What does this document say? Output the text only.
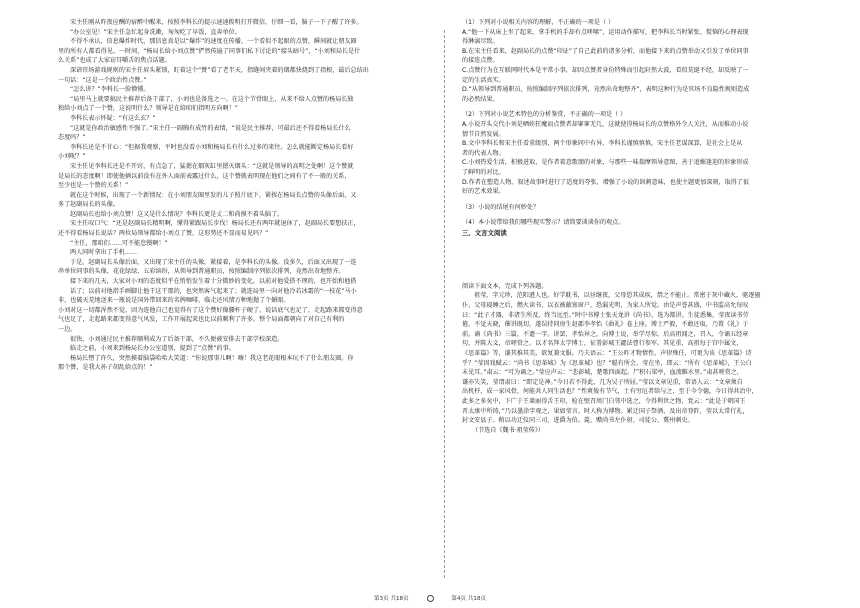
宋主任刚从昨夜应酬的宿醉中醒来，按照李科长的提示速速拨明打开微信，仔细一看，脑子一下子醒了许多。

“办公室见！”宋主任急忙起身洗漱，匆匆吃了早饭，直奔单位。

不得不承认，信息爆炸时代，那信息真是以“爆炸”的速度在传播，一个看似不起眼的点赞，瞬间就让朋友圈

里的所有人都看得见。一时间，“杨局长给小刘点赞”俨然传遍了同事们私下讨论的“接头暗号”，“小刘和局长是什

么关系”也成了大家窃耳嚼舌的焦点话题。

深谙官场游戏规则的宋主任眉头紧锁，盯着这个“赞”看了老半天，指缝间夹着的烟都快烧到了指根，最后总结出

一句话：“这是一个政治性点赞。”

“怎么讲？”李科长一脸懵懂。

“局里马上就要搞民主推荐后备干部了，小刘也是备选之一。在这个节骨眼上，从来不给人点赞的杨局长独

独给小刘点了一个赞，这说明什么？领导是在给咱们指明方向啊！”

李科长表示怀疑：“有这么玄？”

“这就是你政治敏感性不强了。”宋主任一副胸有成竹的表情，“说是民主推荐，可最后还不得看杨局长什么

态度吗？”

李科长还是不甘心：“但据我观察，平时也没看小刘和杨局长有什么过多的来往。怎么就能断定杨局长看好

小刘呢？”

宋主任见李科长还是不开窍，有点急了，猛摁在烟灰缸里摁灭烟头：“这就是领导的高明之处啊！这个赞就

是局长的态度啊！即使他俩以前没有在外人面前表露过什么，这个赞就表明现在他们之间有了不一般的关系，

至少也是一个赞的关系！”

就在这个时候，出现了一个新情况：在小刘朋友圈里发的儿子照片底下，紧挨在杨局长点赞的头像后面，又

多了赵副局长的头像。

赵副局长也给小刘点赞！这又是什么情况？李科长更是丈二和尚摸不着头脑了。

宋主任叹口气：“还是赵副局长精明啊，懂得紧跟局长步伐！杨局长还有两年就退休了，赵副局长要想扶正，

还不得看杨局长说话？两位局领导都给小刘点了赞，这形势还不显而易见吗？”

“主任，那咱们……可不能怠慢啊！”

两人同时拿出了手机……

于是，赵副局长头像后面，又出现了宋主任的头像，紧接着，是李科长的头像。没多久，后面又出现了一连

串单位同事的头像，花花绿绿，五彩缤纷，从领导到普通职员，按照编制序列依次排列，竟然出奇地整齐。

接下来的几天，大家对小刘的态度似乎在悄悄发生着十分微妙的变化。以前对他爱搭不理的，也开始和他搭

话了；以前对他指手画脚让他干这干那的，也突然客气起来了；就连局里一向对他冷若冰霜的“一枝花”马小

非，也破天荒地送来一瓶说是国外带回来的名牌咖啡，临走还风情万种地抛了个媚眼。

小刘对这一切都浑然不觉。因为连他自己也觉得有了这个赞好像腰杆子硬了，说话底气也足了，走起路来都变得意

气也足了，走起路来都变得意气风发，工作开展起来也比以前顺利了许多。整个局面都朝向了对自己有利的

一边。

很快，小刘通过民主推荐顺利成为了后备干部，不久便被安排去干部学校深造。

临走之前，小刘来到杨局长办公室道别，提到了“点赞”的事。

杨局长愣了许久，突然摸着脑袋哈哈大笑道：“你说那事儿啊！嗨！我这老花眼根本玩不了什么朋友圈。你

那个赞，是我大孙子胡乱给点的！”

（1）下列对小说相关内容的理解，不正确的一项是（ ）

A.“他一下从床上坐了起来，拿手机的手却有点哆嗦”，运用动作描写，把李科长当时紧张、慌恼的心理表现

得淋漓尽致。

B.在宋主任看来，赵副局长的点赞“印证”了自己此前的诸多分析，而他接下来的点赞举动又引发了单位同事

的接连点赞。

C.点赞行为在互联网时代本是平常小事，却因点赞者身份特殊而引起轩然大波，看似荒诞不经，却反映了一

定的生活真实。

D.“从领导到普通职员，按照编制序列依次排列，竟然出奇地整齐”，表明这种行为是官场不良隐性规则造成

的必然结果。

（2）下列对小说艺术特色的分析鉴赏，不正确的一项是（ ）

A.小说开头交代小刘是晒娃狂魔而点赞者却寥寥无几，这就使得杨局长的点赞格外令人关注，从而推动小说

情节自然发展。

B.文中李科长和宋主任看重级别，两个形象同中有异，李科长谨慎慎慎，宋主任老谋深算，是社会上是从

者的代表人物。

C.小刘热爱生活，积极进取，是作者着意歌颂的对象，与那些一味揣摩领导意图，善于追媚逢迎的形象形成

了鲜明的对比。

D.作者在塑造人物、叙述故事时进行了适度的夸张，增强了小说的讽刺意味，也使主题更加深刻，取得了很

好的艺术效果。

（3）小说的结尾有何妙处？

（4）本小说带给我们哪些现实警示？请简要谈谈你的观点。

三、文言文阅读

阅读下面文本，完成下列各题。

祖莹，字元珍，范阳遒人也。好学耽书，以昼继夜，父母恐其成疾，禁之不能止。常密于灰中藏火，驱逐僮

仆，父母寝睡之后，燃火读书，以衣被蔽塞窗户，恐漏光明，为家人所觉。由是声誉甚盛，中书监高允每叹

曰：“此子才器，非诸生所及，终当远至。”时中书博士张天龙讲《尚书》，选为都讲。生徒悉集，莹夜读书劳

倦，不觉天晓，催讲既切，遂误持同房生赵郡李孝怡《曲礼》卷上座。博士严毅，不敢还取，乃置《礼》于

前，诵《尚书》三篇，不遗一字。讲罢，孝怡异之，向博士说，举学尽惊。后高祖闻之，召入，令诵五经章

句，并陈大义，帝嗟赏之。以才名拜太学博士，征署彭城王勰法曹行参军。其见重，高祖每于宫中属文，

《思革篇》等，谦其推其美，欲复兼文服。乃夫语云：“王公昨才物情性，声律殊任，可更为该《思革篇》诗

乎？”莹因戏赋云：“尚书《思革城》为《思革城》也？”聪有所会，莹在坐，即云：“所有《思革城》，王公白

未见耳。”肃云：“可为诵之。”莹应声云：“悲彭城，楚歌四面起。尸积石梁亭，血流睢水里。”肃甚嗟赏之，

谦亦失笑，莹谓肃曰：“即定是神。”今日若不得此，几为吴子所屈。”莹以文章见重，常语人云：“文章须自

出机杼，成一家风骨，何能共人同生活也？”性爽俊有节气，士有穷厄者给与之，至于今令德，今日得共冶中，

此多之多矣中，下广于王莱丽得舌王印，检在壁召周门白邻中选之，令得利世之物，党云：“此是于朝国王

晋太康中所铸，”乃以墨涂字观之，果如莹言。时人称为博物。累迁国子祭酒，及出帝登阼，莹以太常行礼，

封文安县子。稍以功迁仪同三司，进爵为伯。薨，赠尚书左仆射、司徒公、冀州刺史。

（节选自《魏书·祖莹传》）

第3页 共18页	第4页 共18页
